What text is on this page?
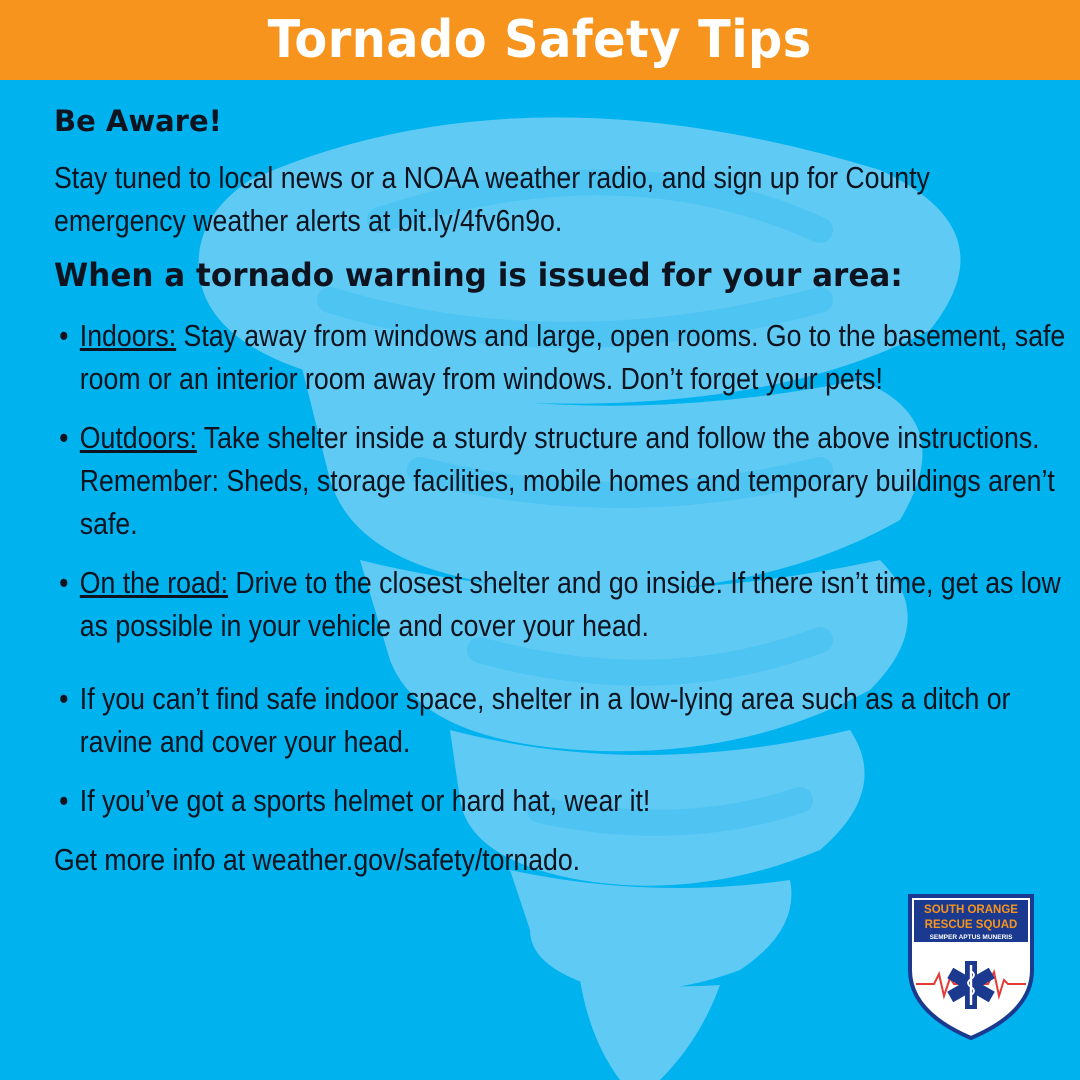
Tornado Safety Tips
Be Aware!
Stay tuned to local news or a NOAA weather radio, and sign up for County emergency weather alerts at bit.ly/4fv6n9o.
When a tornado warning is issued for your area:
• Indoors: Stay away from windows and large, open rooms. Go to the basement, safe room or an interior room away from windows. Don’t forget your pets!
• Outdoors: Take shelter inside a sturdy structure and follow the above instructions. Remember: Sheds, storage facilities, mobile homes and temporary buildings aren’t safe.
• On the road: Drive to the closest shelter and go inside. If there isn’t time, get as low as possible in your vehicle and cover your head.
• If you can’t find safe indoor space, shelter in a low-lying area such as a ditch or ravine and cover your head.
• If you’ve got a sports helmet or hard hat, wear it!
Get more info at weather.gov/safety/tornado.
SOUTH ORANGE
RESCUE SQUAD
SEMPER APTUS MUNERIS
